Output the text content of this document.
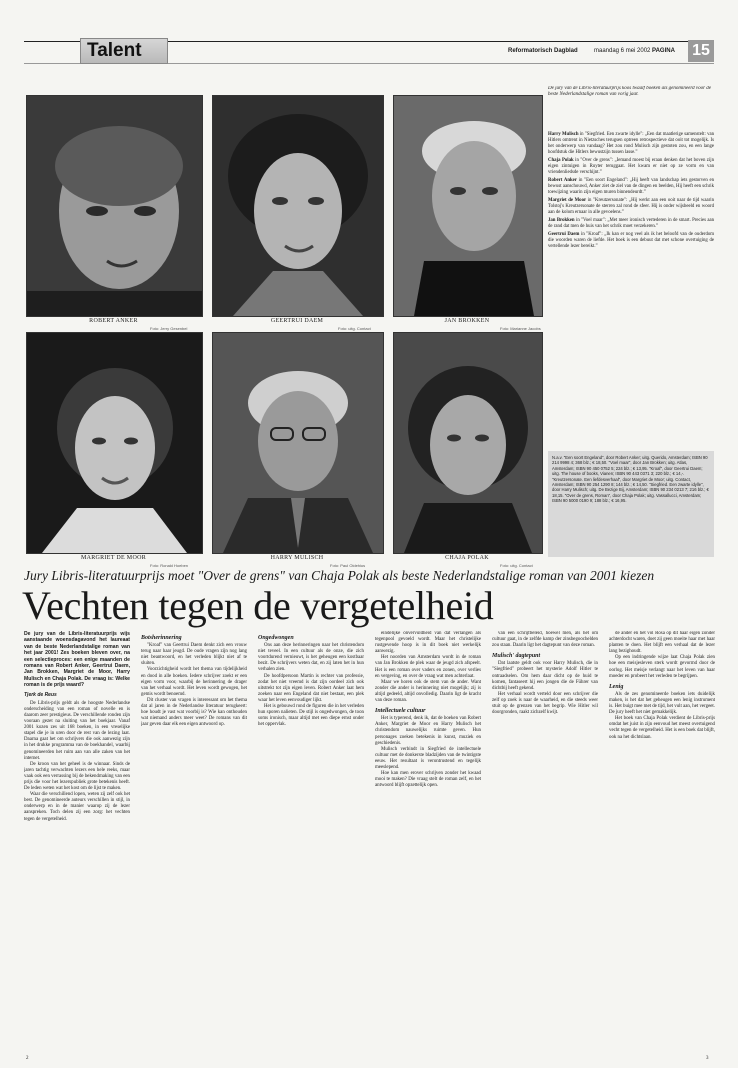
Talent	Reformatorisch Dagblad	maandag 6 mei 2002 PAGINA 15
ROBERT ANKER
Foto: Jerry Gesenbel
GEERTRUI DAEM
Foto: uitg. Contact
JAN BROKKEN
Foto: Marianne Jacobs
MARGRIET DE MOOR
Foto: Ronald Hoeben
HARRY MULISCH
Foto: Paul Oldehius
CHAJA POLAK
Foto: uitg. Contact
De jury van de Libris-literatuurprijs koos twaalf boeken als genomineerd voor de beste Nederlandstalige roman van vorig jaar.

Harry Mulisch in "Siegfried. Een zwarte idylle": „Een dat maatlerige samenstelt: van Hitlers omtrent in Nietzsches terugsen optreen retrospectieve dat ooit tot mogelijk. Is het onderwerp van vandaag? Het zou rond Mulisch zijn gestoten zou, en een lange hoofdstuk die Hitlers bewustzijn tussen lasse.”

Chaja Polak in "Over de grens": „Iemand moest bij eraan denken dat het boven zijn eigen zintuigen in Ruyter teruggaat. Het kwam er niet op ze vorm en van vriendenliedsde verschijnt.”

Robert Anker in "Een soort Engeland": „Hij heeft van landschap iets gestorven en bewust aanschouwd, Anker ziet de ziel van de dingen en beelden, Hij heeft een schrik toewijzing waarin zijn eigen muren binnendeurdt.”

Margriet de Moor in "Kreutzersonate": „Hij werkt aan een ooit naar de tijd waarin Tolstoj's Kreutzersonate de sterren zal rond de sfeer. Hij is onder wijsbeeld en woord aan de kolom ernaar in alle gevoelens.”

Jan Brokken in "Voel maar": „Met meer ironisch vertederen in de smart. Precies aan de rand dat men de huis van het schrik moet verzekeren.”

Geertrui Daem in "Kroaf": „Ik kan er nog veel als ik het beloofd van de ouderdom die woorden waren de liefde. Het boek is een debuut dat met schone overtuiging de vertellende lezer bereikt.”

N.a.v. "Een soort Engeland", door Robert Anker; uitg. Querido, Amsterdam; ISBN 90 214 9998 4; 368 blz.; € 18,50. "Voel maar", door Jan Brokken; uitg. Atlas, Amsterdam; ISBN 90 450 0752 5; 224 blz.; € 13,95. "Kroaf", door Geertrui Daem; uitg. The house of books, Vianen; ISBN 90 443 0371 3; 220 blz.; € 14,-. "Kreutzersonate. Een liefdesverhaal", door Margriet de Moor; uitg. Contact, Amsterdam; ISBN 90 254 1290 8; 144 blz.; € 14,50. "Siegfried. Een zwarte idylle", door Harry Mulisch; uitg. De Bezige Bij, Amsterdam; ISBN 90 234 0213 7; 216 blz.; € 18,15. "Over de grens, Roman", door Chaja Polak; uitg. Vassallucci, Amsterdam; ISBN 90 5000 0190 9; 188 blz.; € 16,95.
Jury Libris-literatuurprijs moet "Over de grens" van Chaja Polak als beste Nederlandstalige roman van 2001 kiezen
Vechten tegen de vergetelheid

De jury van de Libris-literatuurprijs wijs aanstaande woensdagavond het laureaat van de beste Nederlandstalige roman van het jaar 2001! Zes boeken bleven over, na een selectieproces: een enige maanden de romans van Robert Anker, Geertrui Daem, Jan Brokken, Margriet de Moor, Harry Mulisch en Chaja Polak. De vraag is: Welke roman is de prijs waard?

Tjerk de Reus

De Libris-prijs geldt als de hoogste Nederlandse onderscheiding van een roman of novelle en is daarom zeer prestigieus. De verschillende ronden zijn vooraan gezet na sluiting van het boekjaar. Vanaf 2001 kozen zes uit 168 boeken, in een vreselijke stapel die je in uren door de rest van de lezing laat. Daarna gaat het om schrijvers die ook aanwezig zijn in het drukke programma van de boekhandel, waarbij genomineerden het ruim aan van alle zaken van het internet.

De kroon van het geheel is de winnaar. Sinds de jaren tachtig verwachten lezers een hele reeks, maar vaak ook een verrassing bij de bekendmaking van een prijs die voor het lezerspubliek grote betekenis heeft. De leden weten wat het kost om de lijst te maken.

Waar die verschillend lopen, weten zij zelf ook het best. De genomineerde auteurs verschillen in stijl, in onderwerp en in de manier waarop zij de lezer aanspreken. Toch delen zij een zorg: het vechten tegen de vergetelheid.

Botsherinnering

"Kroaf" van Geertrui Daem denkt zich een vrouw terug naar haar jeugd. De oude vragen zijn nog lang niet beantwoord, en het verleden blijkt niet af te sluiten.

Voorzichtigheid wordt het thema van tijdelijkheid en dood in alle boeken. Iedere schrijver zoekt er een eigen vorm voor, waarbij de herinnering de drager van het verhaal wordt. Het leven wordt gewogen, het gemis wordt benoemd.

Dit cluster van vragen is interessant om het thema dat al jaren in de Nederlandse literatuur terugkeert: hoe houdt je vast wat voorbij is? Wie kan onthouden wat niemand anders meer weet? De romans van dit jaar geven daar elk een eigen antwoord op.

Ongedwongen

Ons aan deze herinneringen naar het christendom niet teveel. In een cultuur als de onze, die zich voortdurend vernieuwt, is het geheugen een kostbaar bezit. De schrijvers weten dat, en zij laten het in hun verhalen zien.

De hoofdpersoon Martin is rechter van professie, zodat het niet vreemd is dat zijn oordeel zich ook uitstrekt tot zijn eigen leven. Robert Anker laat hem zoeken naar een Engeland dat niet bestaat, een plek waar het leven eenvoudiger lijkt.

Het is gebouwd rond de figuren die in het verleden hun sporen nalieten. De stijl is ongedwongen, de toon soms ironisch, maar altijd met een diepe ernst onder het oppervlak.

eindelijke onvervuldheid van dat verlangen als tegenpool gevoeld wordt. Maar het christelijke rustgevende hoop is in dit boek niet werkelijk aanwezig.

Het noorden van Amsterdam wordt in de roman van Jan Brokken de plek waar de jeugd zich afspeelt. Het is een roman over vaders en zonen, over verlies en vergeving, en over de vraag wat men achterlaat.

Maar we horen ook de stem van de ander. Want zonder die ander is herinnering niet mogelijk; zij is altijd gedeeld, altijd onvolledig. Daarin ligt de kracht van deze roman.

Intellectuele cultuur

Het is typerend, denk ik, dat de boeken van Robert Anker, Margriet de Moor en Harry Mulisch het christendom nauwelijks ruimte geven. Hun personages zoeken betekenis in kunst, muziek en geschiedenis.

Mulisch verbindt in Siegfried de intellectuele cultuur met de donkerste bladzijden van de twintigste eeuw. Het resultaat is verontrustend en tegelijk meeslepend.

Hoe kan men erover schrijven zonder het kwaad mooi te maken? Die vraag stelt de roman zelf, en het antwoord blijft opzettelijk open.

van een schrijfbeleid, hoewel men, als het om cultuur gaat, in de zelfde kamp der zinsbegoochelden zou staan. Daarin ligt het dagtepunt van deze roman.

Mulisch' dagtepunt

Dat laatste geldt ook voor Harry Mulisch, die in "Siegfried" probeert het mysterie Adolf Hitler te ontraadselen. Om hem daar dicht op de huid te komen, fantaseert hij een jongen die de Führer van dichtbij heeft gekend.

Het verhaal wordt verteld door een schrijver die zelf op zoek is naar de waarheid, en die steeds weer stuit op de grenzen van het begrip. Wie Hitler wil doorgronden, raakt zichzelf kwijt.

de ander en het vol Rosa op dit haar eigen zonder achterdocht waren, doet zij geen moeite haar met haar planten te doen. Het blijft een verhaal dat de lezer lang bezighoudt.

Op een indringende wijze laat Chaja Polak zien hoe een meisjesleven sterk wordt gevormd door de oorlog. Het meisje verlangt naar het leven van haar moeder en probeert het verleden te begrijpen.

Lenig

Als de zes genomineerde boeken iets duidelijk maken, is het dat het geheugen een lenig instrument is. Het buigt mee met de tijd, het vult aan, het vergeet. De jury heeft het niet gemakkelijk.

Het boek van Chaja Polak verdient de Libris-prijs omdat het juist in zijn eenvoud het meest overtuigend vecht tegen de vergetelheid. Het is een boek dat blijft, ook na het dichtslaan.

2	3
